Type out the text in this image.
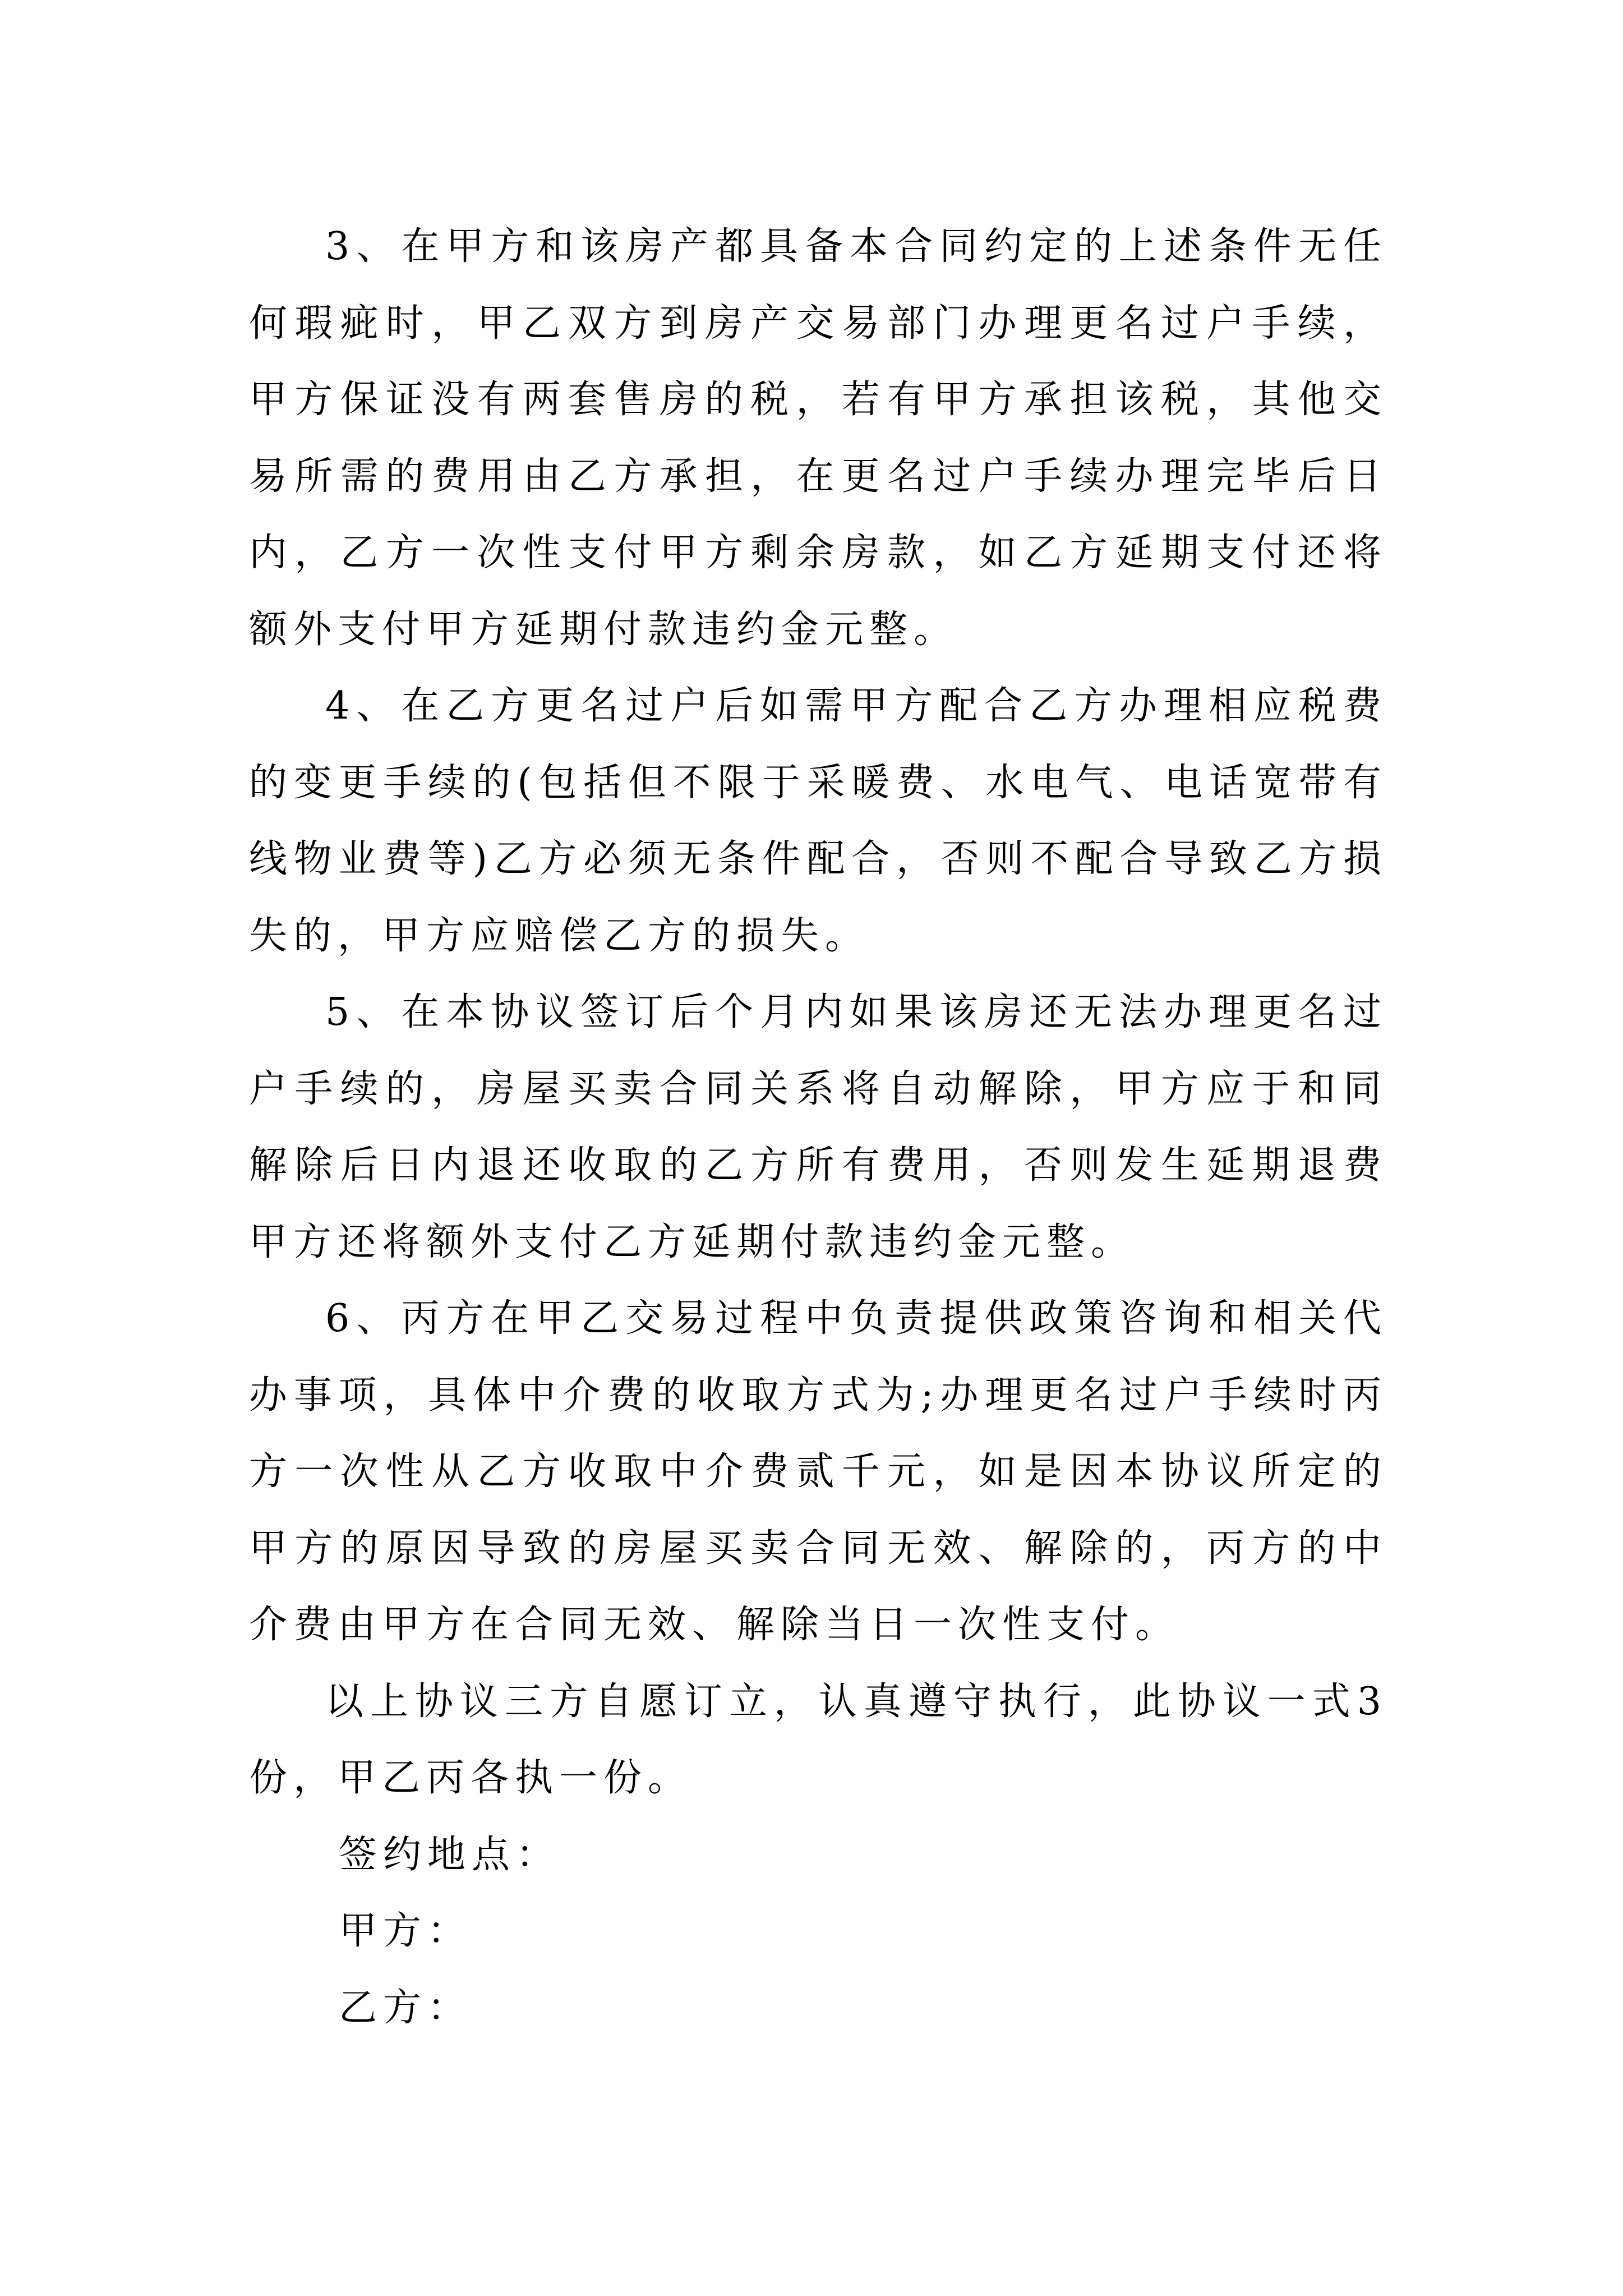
3、在甲方和该房产都具备本合同约定的上述条件无任何瑕疵时，甲乙双方到房产交易部门办理更名过户手续，甲方保证没有两套售房的税，若有甲方承担该税，其他交易所需的费用由乙方承担，在更名过户手续办理完毕后日内，乙方一次性支付甲方剩余房款，如乙方延期支付还将额外支付甲方延期付款违约金元整。

4、在乙方更名过户后如需甲方配合乙方办理相应税费的变更手续的(包括但不限于采暖费、水电气、电话宽带有线物业费等)乙方必须无条件配合，否则不配合导致乙方损失的，甲方应赔偿乙方的损失。

5、在本协议签订后个月内如果该房还无法办理更名过户手续的，房屋买卖合同关系将自动解除，甲方应于和同解除后日内退还收取的乙方所有费用，否则发生延期退费甲方还将额外支付乙方延期付款违约金元整。

6、丙方在甲乙交易过程中负责提供政策咨询和相关代办事项，具体中介费的收取方式为;办理更名过户手续时丙方一次性从乙方收取中介费贰千元，如是因本协议所定的甲方的原因导致的房屋买卖合同无效、解除的，丙方的中介费由甲方在合同无效、解除当日一次性支付。

以上协议三方自愿订立，认真遵守执行，此协议一式3份，甲乙丙各执一份。

签约地点：

甲方：

乙方：
